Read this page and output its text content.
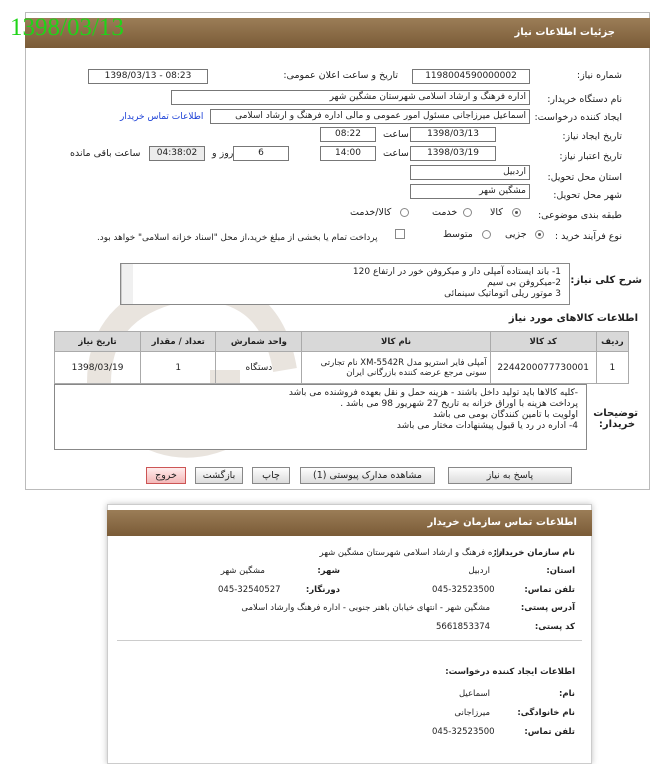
جزئیات اطلاعات نیاز
1398/03/13
شماره نیاز:
1198004590000002
تاریخ و ساعت اعلان عمومی:
1398/03/13 - 08:23
نام دستگاه خریدار:
اداره فرهنگ و ارشاد اسلامی شهرستان مشگین شهر
ایجاد کننده درخواست:
اسماعیل میرزاجانی مسئول امور عمومی و مالی اداره فرهنگ و ارشاد اسلامی
اطلاعات تماس خریدار
تاریخ ایجاد نیاز:
1398/03/13
ساعت
08:22
تاریخ اعتبار نیاز:
1398/03/19
ساعت
14:00
6
روز و
04:38:02
ساعت باقی مانده
استان محل تحویل:
اردبیل
شهر محل تحویل:
مشگین شهر
طبقه بندی موضوعی:
کالا
خدمت
کالا/خدمت
نوع فرآیند خرید :
جزیی
متوسط
پرداخت تمام یا بخشی از مبلغ خرید،از محل "اسناد خزانه اسلامی" خواهد بود.
شرح کلی نیاز:
1- باند ایستاده آمپلی دار و میکروفن خور در ارتفاع 120
2-میکروفن بی سیم
3 موتور ریلی اتوماتیک سینمائی
اطلاعات کالاهای مورد نیاز
ردیف	کد کالا	نام کالا	واحد شمارش	تعداد / مقدار	تاریخ نیاز
1	2244200077730001	آمپلی فایر استریو مدل XM-5542R نام تجارتی سونی مرجع عرضه کننده بازرگانی ایران	دستگاه	1	1398/03/19
توضیحات خریدار:
-کلیه کالاها باید تولید داخل باشند - هزینه حمل و نقل بعهده فروشنده می باشد
پرداخت هزینه با اوراق خزانه به تاریخ 27 شهریور 98 می باشد .
اولویت با تامین کنندگان بومی می باشد
4- اداره در رد یا قبول پیشنهادات مختار می باشد
پاسخ به نیاز
مشاهده مدارک پیوستی (1)
چاپ
بازگشت
خروج
اطلاعات تماس سازمان خریدار
نام سازمان خریدار:
اداره فرهنگ و ارشاد اسلامی شهرستان مشگین شهر
استان:
اردبیل
شهر:
مشگین شهر
تلفن تماس:
045-32523500
دورنگار:
045-32540527
آدرس پستی:
مشگین شهر - انتهای خیابان باهنر جنوبی - اداره فرهنگ وارشاد اسلامی
کد پستی:
5661853374
اطلاعات ایجاد کننده درخواست:
نام:
اسماعیل
نام خانوادگی:
میرزاجانی
تلفن تماس:
045-32523500
